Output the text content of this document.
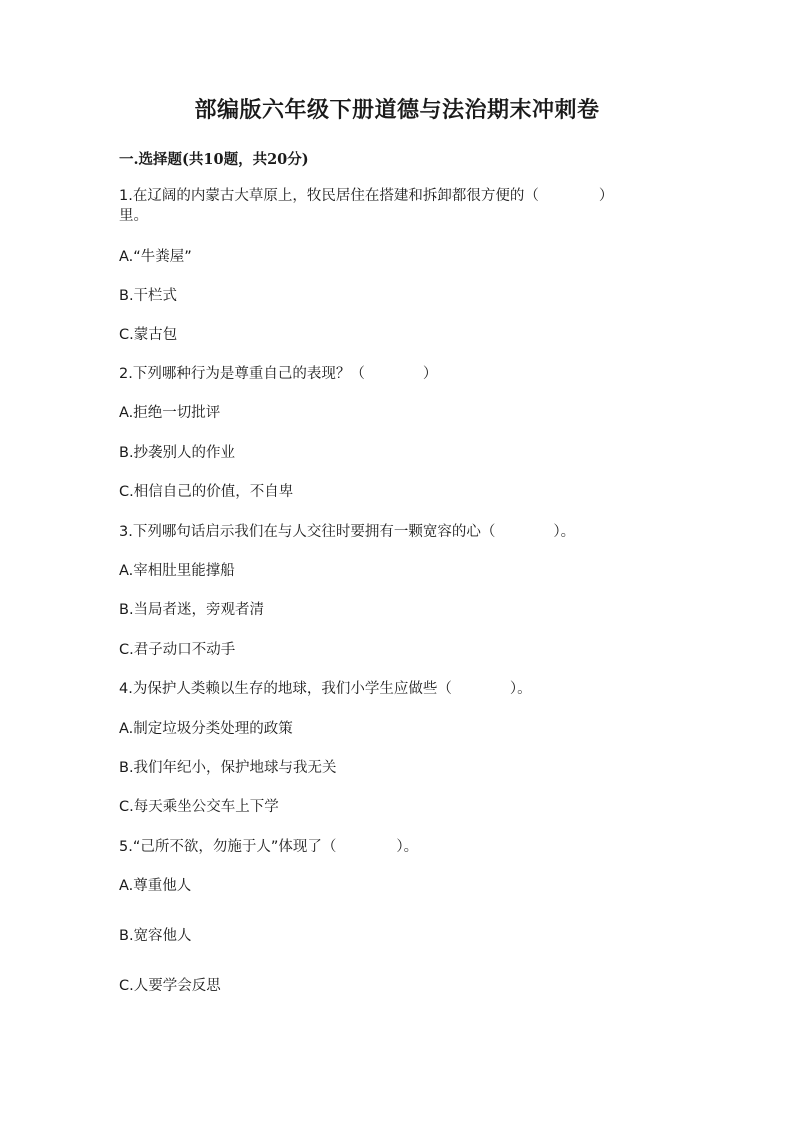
部编版六年级下册道德与法治期末冲刺卷
一.选择题(共10题，共20分)
1.在辽阔的内蒙古大草原上，牧民居住在搭建和拆卸都很方便的（	）
里。
A.“牛粪屋”
B.干栏式
C.蒙古包
2.下列哪种行为是尊重自己的表现？（	）
A.拒绝一切批评
B.抄袭别人的作业
C.相信自己的价值，不自卑
3.下列哪句话启示我们在与人交往时要拥有一颗宽容的心（	）。
A.宰相肚里能撑船
B.当局者迷，旁观者清
C.君子动口不动手
4.为保护人类赖以生存的地球，我们小学生应做些（	）。
A.制定垃圾分类处理的政策
B.我们年纪小，保护地球与我无关
C.每天乘坐公交车上下学
5.“己所不欲，勿施于人”体现了（	）。
A.尊重他人
B.宽容他人
C.人要学会反思
